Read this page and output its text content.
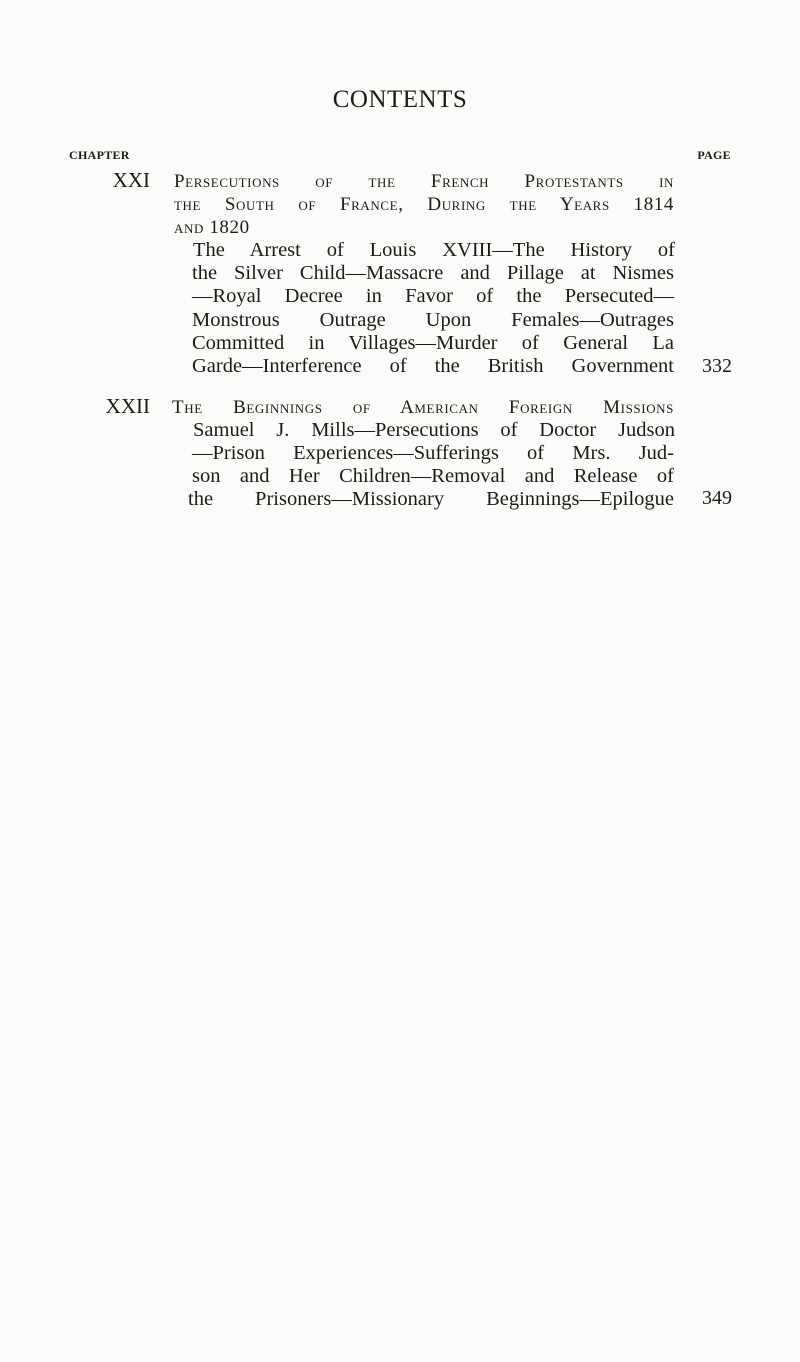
CONTENTS
CHAPTER	PAGE
XXI Persecutions of the French Protestants in
the South of France, During the Years 1814
and 1820
The Arrest of Louis XVIII—The History of
the Silver Child—Massacre and Pillage at Nismes
—Royal Decree in Favor of the Persecuted—
Monstrous Outrage Upon Females—Outrages
Committed in Villages—Murder of General La
Garde—Interference of the British Government 332
XXII The Beginnings of American Foreign Missions
Samuel J. Mills—Persecutions of Doctor Judson
—Prison Experiences—Sufferings of Mrs. Jud-
son and Her Children—Removal and Release of
the Prisoners—Missionary Beginnings—Epilogue 349
